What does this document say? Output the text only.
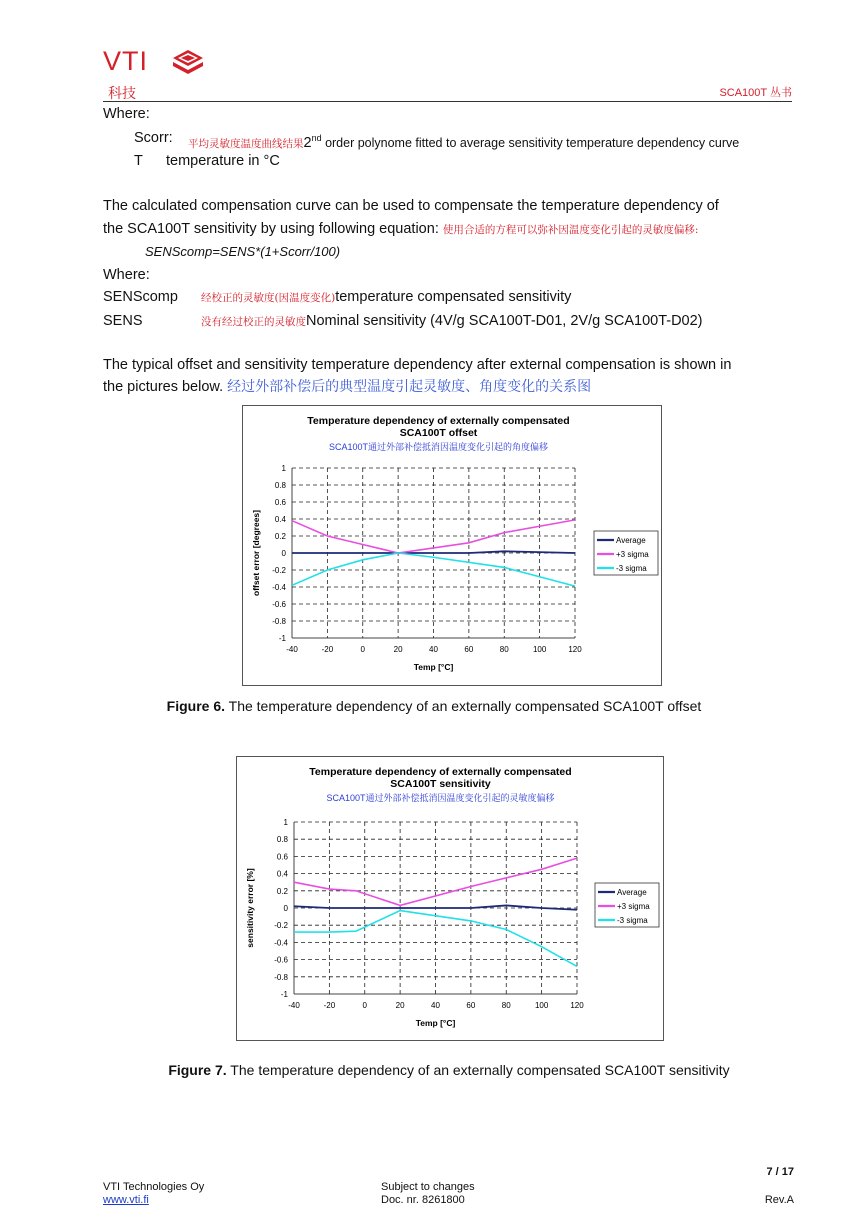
VTI
科技	SCA100T 丛书
Where:
Scorr: 平均灵敏度温度曲线结果2nd order polynome fitted to average sensitivity temperature dependency curve
T temperature in °C
The calculated compensation curve can be used to compensate the temperature dependency of
the SCA100T sensitivity by using following equation: 使用合适的方程可以弥补因温度变化引起的灵敏度偏移:
SENScomp=SENS*(1+Scorr/100)
Where:
SENScomp 经校正的灵敏度(因温度变化)temperature compensated sensitivity
SENS	没有经过校正的灵敏度Nominal sensitivity (4V/g SCA100T-D01, 2V/g SCA100T-D02)
The typical offset and sensitivity temperature dependency after external compensation is shown in
the pictures below. 经过外部补偿后的典型温度引起灵敏度、角度变化的关系图
Temperature dependency of externally compensated
SCA100T offset
SCA100T通过外部补偿抵消因温度变化引起的角度偏移
1
0.8
0.6
0.4
0.2
0
-0.2
-0.4
-0.6
-0.8
-1
-40	-20	0	20	40	60	80	100	120
Temp [°C]
offset error [degrees]	Average
+3 sigma
-3 sigma
Figure 6. The temperature dependency of an externally compensated SCA100T offset
Temperature dependency of externally compensated
SCA100T sensitivity
SCA100T通过外部补偿抵消因温度变化引起的灵敏度偏移
1
0.8
0.6
0.4
0.2
0
-0.2
-0.4
-0.6
-0.8
-1
-40	-20	0	20	40	60	80	100	120
Temp [°C]
sensitivity error [%]	Average
+3 sigma
-3 sigma
Figure 7. The temperature dependency of an externally compensated SCA100T sensitivity
7 / 17
VTI Technologies Oy
www.vti.fi
Subject to changes
Doc. nr. 8261800	Rev.A
